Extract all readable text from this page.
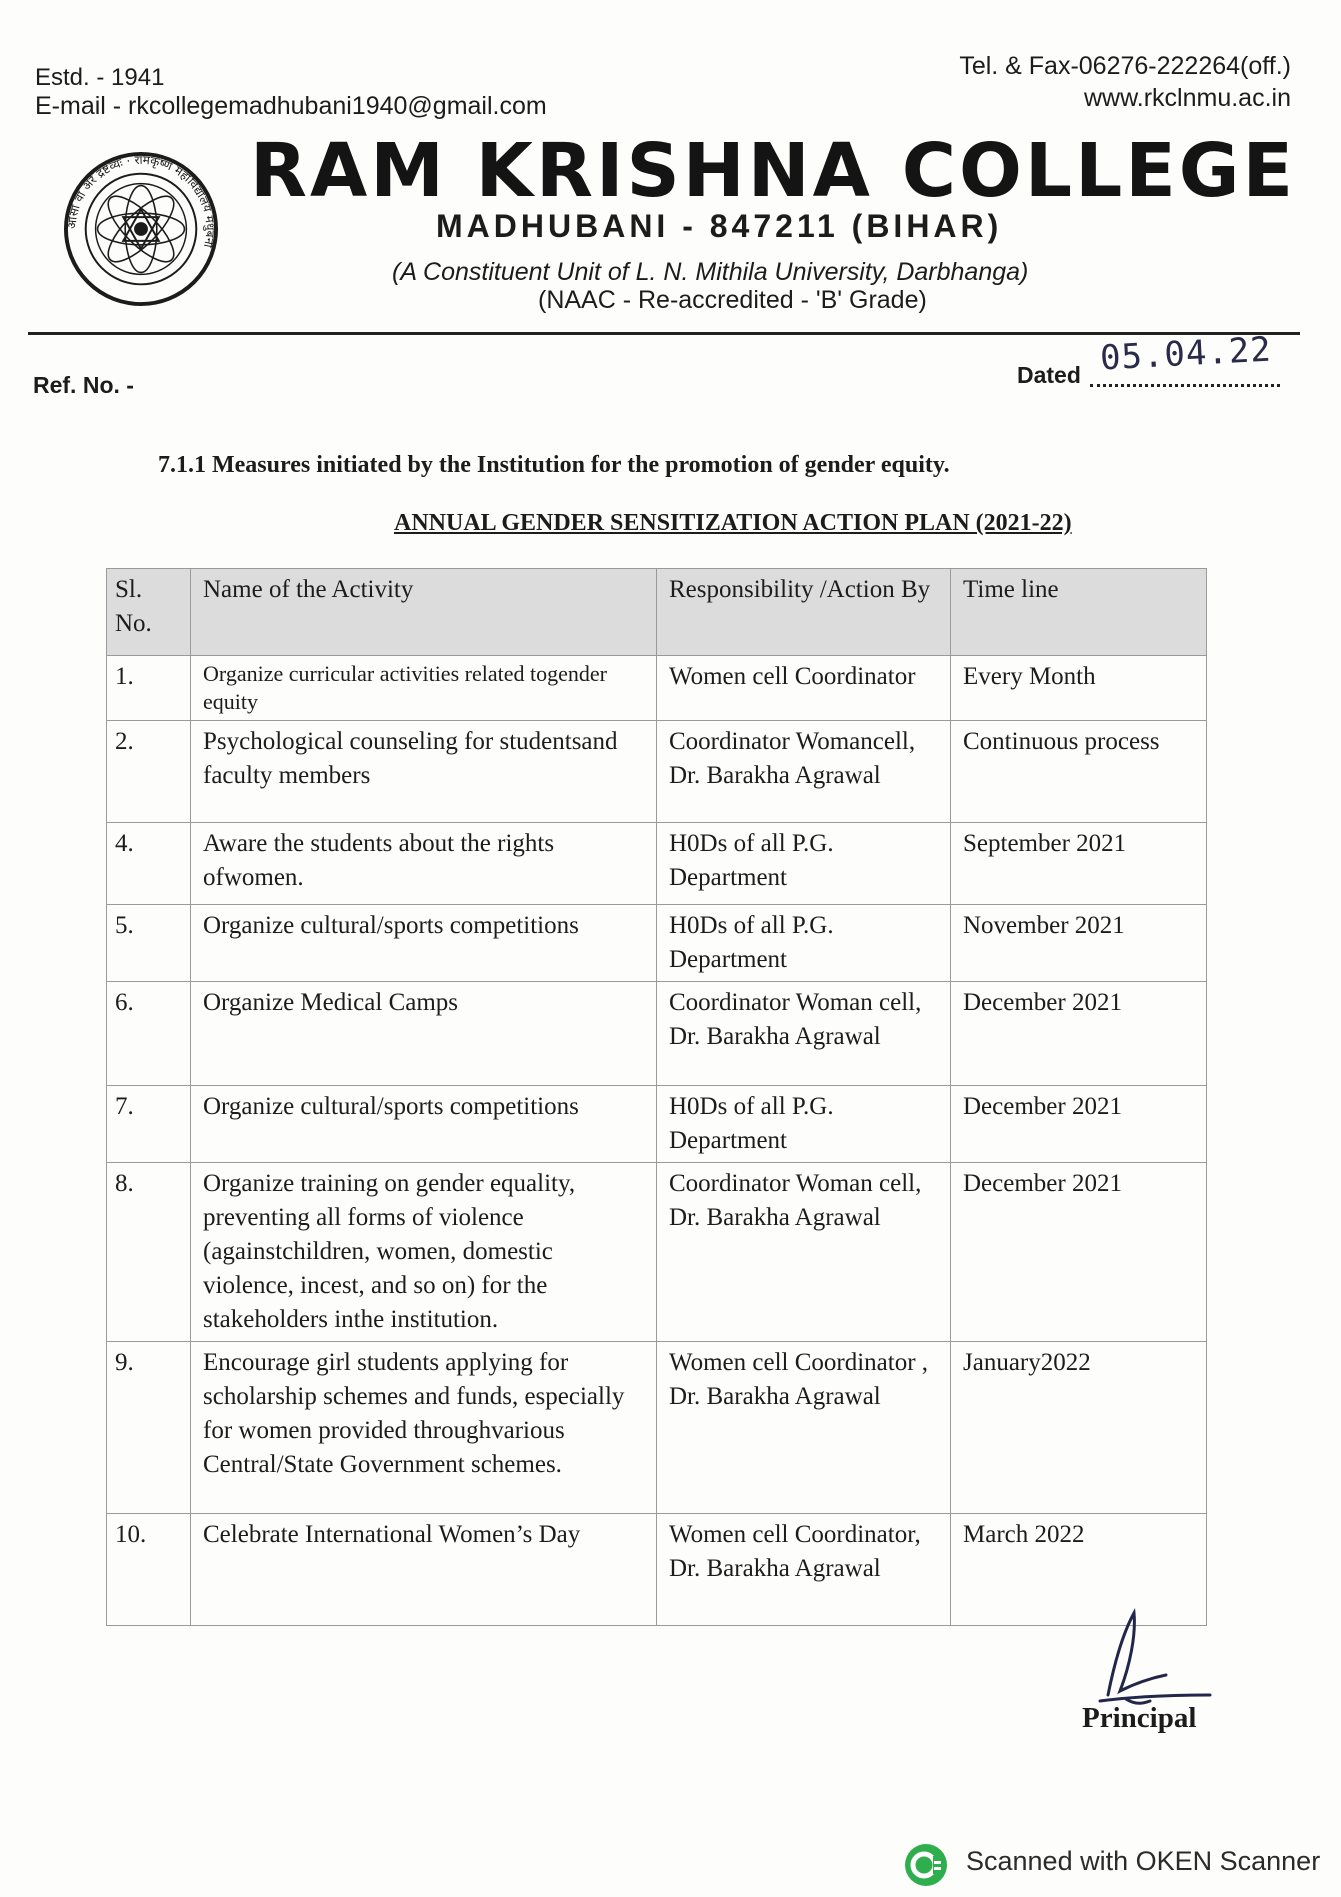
Estd. - 1941
E-mail - rkcollegemadhubani1940@gmail.com
Tel. & Fax-06276-222264(off.)
www.rkclnmu.ac.in
आसा वा अरे द्रष्टव्यः · रामकृष्ण महाविद्यालय मधुबनी
RAM KRISHNA COLLEGE
MADHUBANI - 847211 (BIHAR)
(A Constituent Unit of L. N. Mithila University, Darbhanga)
(NAAC - Re-accredited - 'B' Grade)
Ref. No. -	Dated 05.04.22
7.1.1 Measures initiated by the Institution for the promotion of gender equity.
ANNUAL GENDER SENSITIZATION ACTION PLAN (2021-22)
Sl. No.	Name of the Activity	Responsibility /Action By	Time line
1.	Organize curricular activities related togender equity	Women cell Coordinator	Every Month
2.	Psychological counseling for studentsand faculty members	Coordinator Womancell, Dr. Barakha Agrawal	Continuous process
4.	Aware the students about the rights ofwomen.	H0Ds of all P.G. Department	September 2021
5.	Organize cultural/sports competitions	H0Ds of all P.G. Department	November 2021
6.	Organize Medical Camps	Coordinator Woman cell, Dr. Barakha Agrawal	December 2021
7.	Organize cultural/sports competitions	H0Ds of all P.G. Department	December 2021
8.	Organize training on gender equality, preventing all forms of violence (againstchildren, women, domestic violence, incest, and so on) for the stakeholders inthe institution.	Coordinator Woman cell, Dr. Barakha Agrawal	December 2021
9.	Encourage girl students applying for scholarship schemes and funds, especially for women provided throughvarious Central/State Government schemes.	Women cell Coordinator , Dr. Barakha Agrawal	January2022
10.	Celebrate International Women’s Day	Women cell Coordinator, Dr. Barakha Agrawal	March 2022
Principal
Scanned with OKEN Scanner
